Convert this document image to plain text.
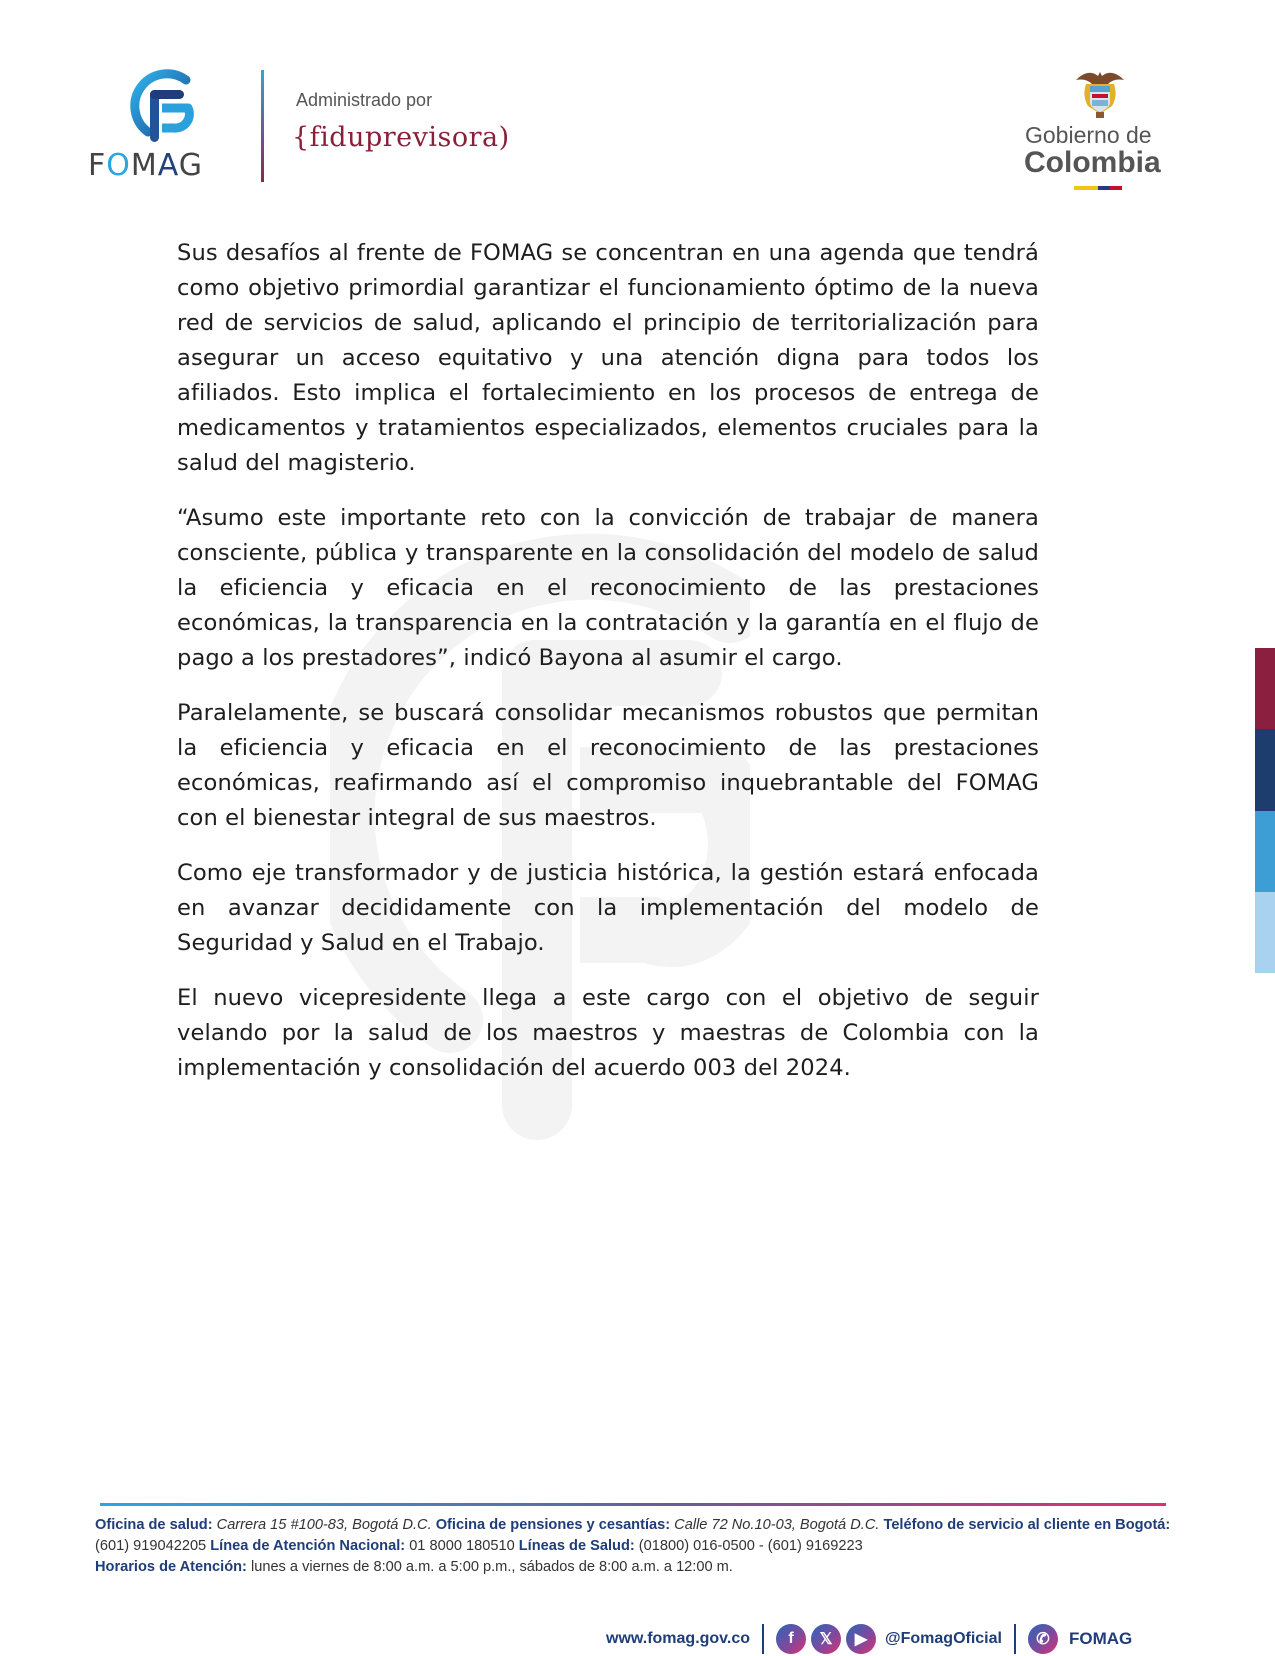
FOMAG
Administrado por
{fiduprevisora)	Gobierno de
Colombia

Sus desafíos al frente de FOMAG se concentran en una agenda que tendrá como objetivo primordial garantizar el funcionamiento óptimo de la nueva red de servicios de salud, aplicando el principio de territorialización para asegurar un acceso equitativo y una atención digna para todos los afiliados. Esto implica el fortalecimiento en los procesos de entrega de medicamentos y tratamientos especializados, elementos cruciales para la salud del magisterio.

“Asumo este importante reto con la convicción de trabajar de manera consciente, pública y transparente en la consolidación del modelo de salud la eficiencia y eficacia en el reconocimiento de las prestaciones económicas, la transparencia en la contratación y la garantía en el flujo de pago a los prestadores”, indicó Bayona al asumir el cargo.

Paralelamente, se buscará consolidar mecanismos robustos que permitan la eficiencia y eficacia en el reconocimiento de las prestaciones económicas, reafirmando así el compromiso inquebrantable del FOMAG con el bienestar integral de sus maestros.

Como eje transformador y de justicia histórica, la gestión estará enfocada en avanzar decididamente con la implementación del modelo de Seguridad y Salud en el Trabajo.

El nuevo vicepresidente llega a este cargo con el objetivo de seguir velando por la salud de los maestros y maestras de Colombia con la implementación y consolidación del acuerdo 003 del 2024.

Oficina de salud: Carrera 15 #100-83, Bogotá D.C. Oficina de pensiones y cesantías: Calle 72 No.10-03, Bogotá D.C. Teléfono de servicio al cliente en Bogotá: (601) 919042205 Línea de Atención Nacional: 01 8000 180510 Líneas de Salud: (01800) 016-0500 - (601) 9169223
Horarios de Atención: lunes a viernes de 8:00 a.m. a 5:00 p.m., sábados de 8:00 a.m. a 12:00 m.
www.fomag.gov.co	f	𝕏	▶	@FomagOficial	✆	FOMAG
